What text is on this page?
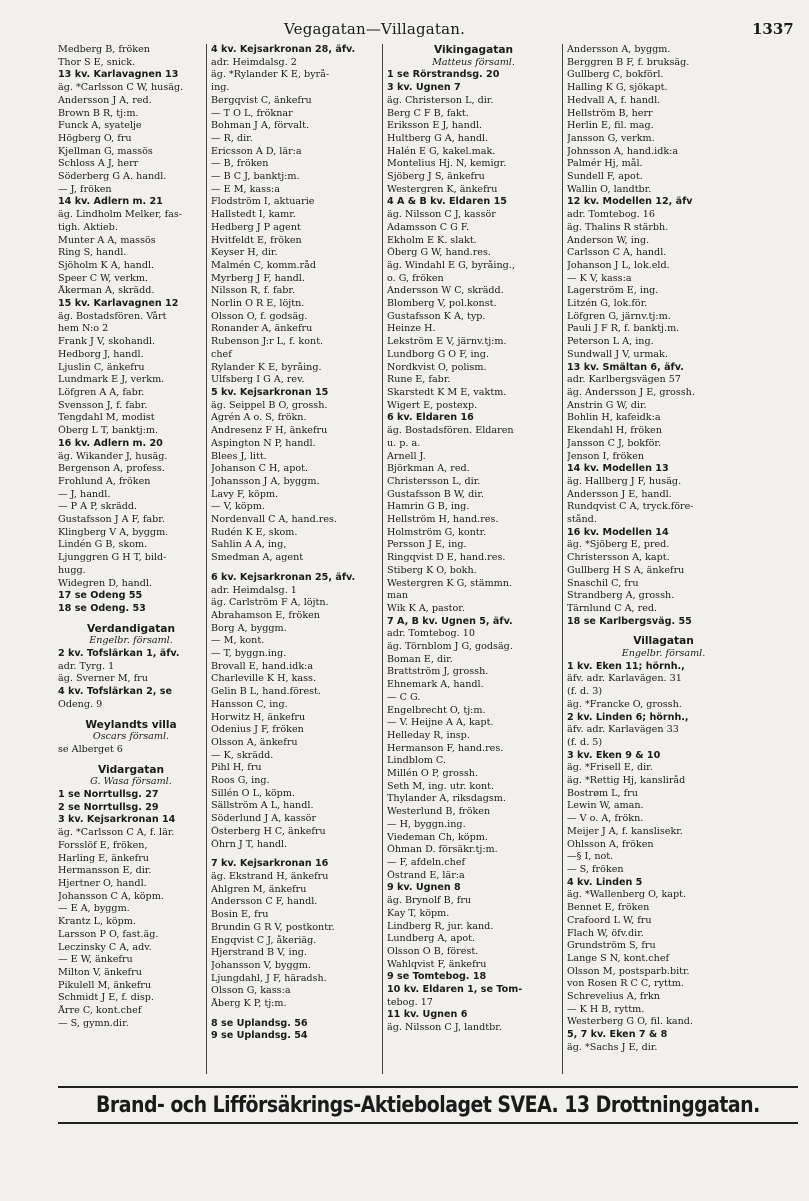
Vegagatan—Villagatan.	1337
Medberg B, fröken
Thor S E, snick.
13 kv. Karlavagnen 13
äg. *Carlsson C W, husäg.
Andersson J A, red.
Brown B R, tj:m.
Funck A, syatelje
Högberg O, fru
Kjellman G, massös
Schloss A J, herr
Söderberg G A. handl.
— J, fröken
14 kv. Adlern m. 21
äg. Lindholm Melker, fas-
tigh. Aktieb.
Munter A A, massös
Ring S, handl.
Sjöholm K A, handl.
Speer C W, verkm.
Åkerman A, skrädd.
15 kv. Karlavagnen 12
äg. Bostadsfören. Vårt
hem N:o 2
Frank J V, skohandl.
Hedborg J, handl.
Ljuslin C, änkefru
Lundmark E J, verkm.
Löfgren A A, fabr.
Svensson J, f. fabr.
Tengdahl M, modist
Öberg L T, banktj:m.
16 kv. Adlern m. 20
äg. Wikander J, husäg.
Bergenson A, profess.
Frohlund A, fröken
— J, handl.
— P A P, skrädd.
Gustafsson J A F, fabr.
Klingberg V A, byggm.
Lindén G B, skom.
Ljunggren G H T, bild-
hugg.
Widegren D, handl.
17 se Odeng 55
18 se Odeng. 53
Verdandigatan
Engelbr. församl.
2 kv. Tofslärkan 1, äfv.
adr. Tyrg. 1
äg. Sverner M, fru
4 kv. Tofslärkan 2, se
Odeng. 9
Weylandts villa
Oscars församl.
se Alberget 6
Vidargatan
G. Wasa församl.
1 se Norrtullsg. 27
2 se Norrtullsg. 29
3 kv. Kejsarkronan 14
äg. *Carlsson C A, f. lär.
Forsslöf E, fröken,
Harling E, änkefru
Hermansson E, dir.
Hjertner O, handl.
Johansson C A, köpm.
— E A, byggm.
Krantz L, köpm.
Larsson P O, fast.äg.
Leczinsky C A, adv.
— E W, änkefru
Milton V, änkefru
Pikulell M, änkefru
Schmidt J E, f. disp.
Årre C, kont.chef
— S, gymn.dir.
4 kv. Kejsarkronan 28, äfv.
adr. Heimdalsg. 2
äg. *Rylander K E, byrå-
ing.
Bergqvist C, änkefru
— T O L, fröknar
Bohman J A, förvalt.
— R, dir.
Ericsson A D, lär:a
— B, fröken
— B C J, banktj:m.
— E M, kass:a
Flodström I, aktuarie
Hallstedt I, kamr.
Hedberg J P agent
Hvitfeldt E, fröken
Keyser H, dir.
Malmén C, komm.råd
Myrberg J F, handl.
Nilsson R, f. fabr.
Norlin O R E, löjtn.
Olsson O, f. godsäg.
Ronander A, änkefru
Rubenson J:r L, f. kont.
chef
Rylander K E, byråing.
Ulfsberg I G A, rev.
5 kv. Kejsarkronan 15
äg. Seippel B O, grossh.
Agrén A o. S, frökn.
Andresenz F H, änkefru
Aspington N P, handl.
Blees J, litt.
Johanson C H, apot.
Johansson J A, byggm.
Lavy F, köpm.
— V, köpm.
Nordenvall C A, hand.res.
Rudén K E, skom.
Sahlin A A, ing,
Smedman A, agent
6 kv. Kejsarkronan 25, äfv.
adr. Heimdalsg. 1
äg. Carlström F A, löjtn.
Abrahamson E, fröken
Borg A, byggm.
— M, kont.
— T, byggn.ing.
Brovall E, hand.idk:a
Charleville K H, kass.
Gelin B L, hand.förest.
Hansson C, ing.
Horwitz H, änkefru
Odenius J F, fröken
Olsson A, änkefru
— K, skrädd.
Pihl H, fru
Roos G, ing.
Sillén O L, köpm.
Sällström A L, handl.
Söderlund J A, kassör
Österberg H C, änkefru
Öhrn J T, handl.
7 kv. Kejsarkronan 16
äg. Ekstrand H, änkefru
Ahlgren M, änkefru
Andersson C F, handl.
Bosin E, fru
Brundin G R V, postkontr.
Engqvist C J, åkeriäg.
Hjerstrand B V, ing.
Johansson V, byggm.
Ljungdahl, J F, häradsh.
Olsson G, kass:a
Åberg K P, tj:m.
8 se Uplandsg. 56
9 se Uplandsg. 54
Vikingagatan
Matteus församl.
1 se Rörstrandsg. 20
3 kv. Ugnen 7
äg. Christerson L, dir.
Berg C F B, fakt.
Eriksson E J, handl.
Hultberg G A, handl.
Halén E G, kakel.mak.
Montelius Hj. N, kemigr.
Sjöberg J S, änkefru
Westergren K, änkefru
4 A & B kv. Eldaren 15
äg. Nilsson C J, kassör
Adamsson C G F.
Ekholm E K. slakt.
Öberg G W, hand.res.
äg. Windahl E G, byråing.,
o. G, fröken
Andersson W C, skrädd.
Blomberg V, pol.konst.
Gustafsson K A, typ.
Heinze H.
Lekström E V, järnv.tj:m.
Lundborg G O F, ing.
Nordkvist O, polism.
Rune E, fabr.
Skarstedt K M E, vaktm.
Wigert E, postexp.
6 kv. Eldaren 16
äg. Bostadsfören. Eldaren
u. p. a.
Arnell J.
Björkman A, red.
Christersson L, dir.
Gustafsson B W, dir.
Hamrin G B, ing.
Hellström H, hand.res.
Holmström G, kontr.
Persson J E, ing.
Ringqvist D E, hand.res.
Stiberg K O, bokh.
Westergren K G, stämmn.
man
Wik K A, pastor.
7 A, B kv. Ugnen 5, äfv.
adr. Tomtebog. 10
äg. Törnblom J G, godsäg.
Boman E, dir.
Brattström J, grossh.
Ehnemark A, handl.
— C G.
Engelbrecht O, tj:m.
— V. Heijne A A, kapt.
Helleday R, insp.
Hermanson F, hand.res.
Lindblom C.
Millén O P, grossh.
Seth M, ing. utr. kont.
Thylander A, riksdagsm.
Westerlund B, fröken
— H, byggn.ing.
Viedeman Ch, köpm.
Öhman D. försäkr.tj:m.
— F, afdeln.chef
Östrand E, lär:a
9 kv. Ugnen 8
äg. Brynolf B, fru
Kay T, köpm.
Lindberg R, jur. kand.
Lundberg A, apot.
Olsson O B, förest.
Wahlqvist F, änkefru
9 se Tomtebog. 18
10 kv. Eldaren 1, se Tom-
tebog. 17
11 kv. Ugnen 6
äg. Nilsson C J, landtbr.
Andersson A, byggm.
Berggren B F, f. bruksäg.
Gullberg C, bokförl.
Halling K G, sjökapt.
Hedvall A, f. handl.
Hellström B, herr
Herlin E, fil. mag.
Jansson G, verkm.
Johnsson A, hand.idk:a
Palmér Hj, mål.
Sundell F, apot.
Wallin O, landtbr.
12 kv. Modellen 12, äfv
adr. Tomtebog. 16
äg. Thalins R stärbh.
Anderson W, ing.
Carlsson C A, handl.
Johanson J L, lok.eld.
— K V, kass:a
Lagerström E, ing.
Litzén G, lok.för.
Löfgren G, järnv.tj:m.
Pauli J F R, f. banktj.m.
Peterson L A, ing.
Sundwall J V, urmak.
13 kv. Smältan 6, äfv.
adr. Karlbergsvägen 57
äg. Andersson J E, grossh.
Anstrin G W, dir.
Bohlin H, kafeidk:a
Ekendahl H, fröken
Jansson C J, bokför.
Jenson I, fröken
14 kv. Modellen 13
äg. Hallberg J F, husäg.
Andersson J E, handl.
Rundqvist C A, tryck.före-
stånd.
16 kv. Modellen 14
äg. *Sjöberg E, pred.
Christersson A, kapt.
Gullberg H S A, änkefru
Snaschil C, fru
Strandberg A, grossh.
Tärnlund C A, red.
18 se Karlbergsväg. 55
Villagatan
Engelbr. församl.
1 kv. Eken 11; hörnh.,
äfv. adr. Karlavägen. 31
(f. d. 3)
äg. *Francke O, grossh.
2 kv. Linden 6; hörnh.,
äfv. adr. Karlavägen 33
(f. d. 5)
3 kv. Eken 9 & 10
äg. *Frisell E, dir.
äg. *Rettig Hj, kansliråd
Bostrøm L, fru
Lewin W, aman.
— V o. A, frökn.
Meijer J A, f. kanslisekr.
Ohlsson A, fröken
—§ I, not.
— S, fröken
4 kv. Linden 5
äg. *Wallenberg O, kapt.
Bennet E, fröken
Crafoord L W, fru
Flach W, öfv.dir.
Grundström S, fru
Lange S N, kont.chef
Olsson M, postsparb.bitr.
von Rosen R C C, ryttm.
Schrevelius A, frkn
— K H B, ryttm.
Westerberg G O, fil. kand.
5, 7 kv. Eken 7 & 8
äg. *Sachs J E, dir.
Brand- och Lifförsäkrings-Aktiebolaget SVEA. 13 Drottninggatan.
